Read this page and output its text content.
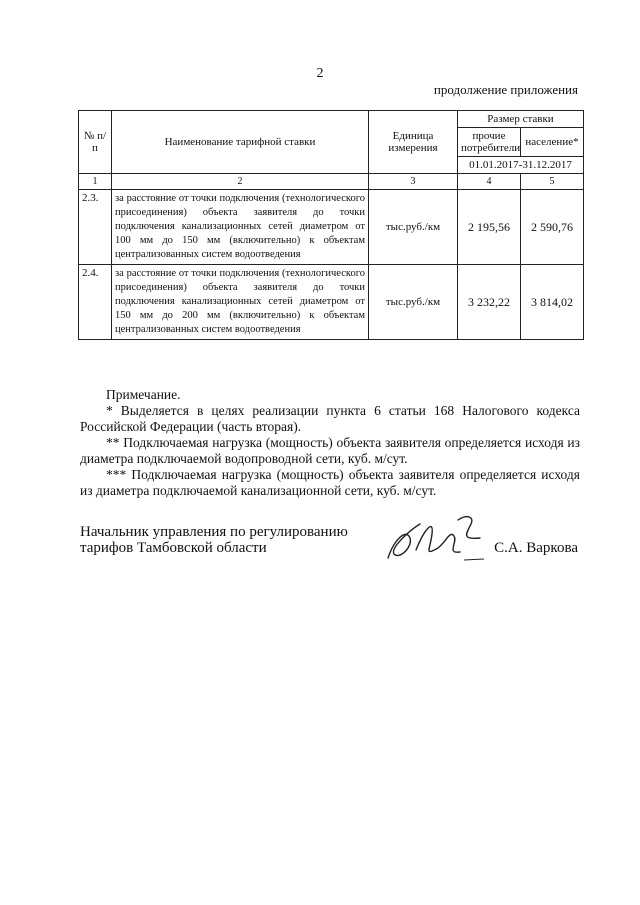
2
продолжение приложения
№ п/п	Наименование тарифной ставки	Единица измерения	Размер ставки	
			прочие потребители	население*
			01.01.2017-31.12.2017	
1	2	3	4	5
2.3.	за расстояние от точки подключения (технологического присоединения) объекта заявителя до точки подключения канализационных сетей диаметром от 100 мм до 150 мм (включительно) к объектам централизованных систем водоотведения	тыс.руб./км	2 195,56	2 590,76
2.4.	за расстояние от точки подключения (технологического присоединения) объекта заявителя до точки подключения канализационных сетей диаметром от 150 мм до 200 мм (включительно) к объектам централизованных систем водоотведения	тыс.руб./км	3 232,22	3 814,02
Примечание.

* Выделяется в целях реализации пункта 6 статьи 168 Налогового кодекса Российской Федерации (часть вторая).

** Подключаемая нагрузка (мощность) объекта заявителя определяется исходя из диаметра подключаемой водопроводной сети, куб. м/сут.

*** Подключаемая нагрузка (мощность) объекта заявителя определяется исходя из диаметра подключаемой канализационной сети, куб. м/сут.

Начальник управления по регулированию
тарифов Тамбовской области	С.А. Варкова
